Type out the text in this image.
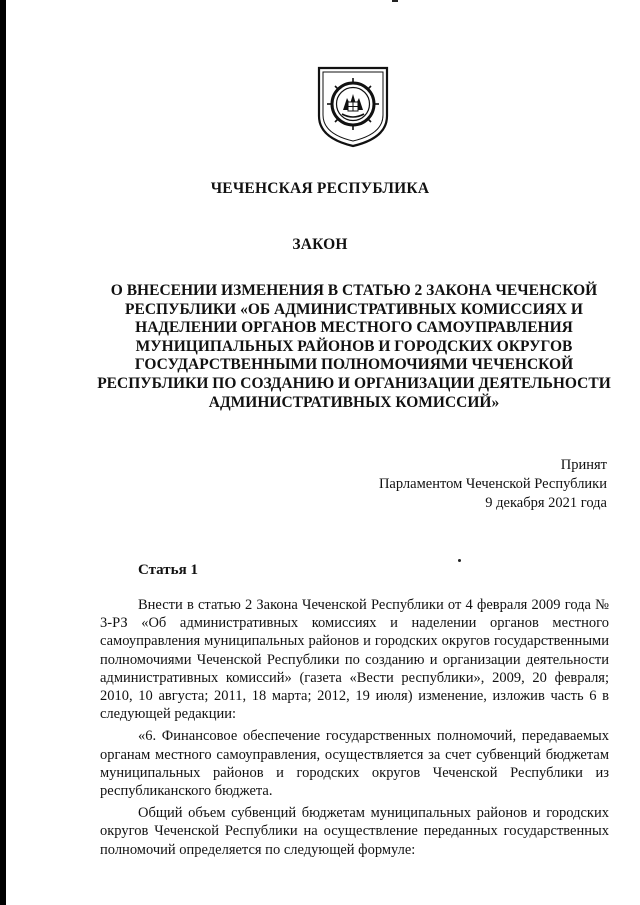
ЧЕЧЕНСКАЯ РЕСПУБЛИКА
ЗАКОН
О ВНЕСЕНИИ ИЗМЕНЕНИЯ В СТАТЬЮ 2 ЗАКОНА ЧЕЧЕНСКОЙ РЕСПУБЛИКИ «ОБ АДМИНИСТРАТИВНЫХ КОМИССИЯХ И НАДЕЛЕНИИ ОРГАНОВ МЕСТНОГО САМОУПРАВЛЕНИЯ МУНИЦИПАЛЬНЫХ РАЙОНОВ И ГОРОДСКИХ ОКРУГОВ ГОСУДАРСТВЕННЫМИ ПОЛНОМОЧИЯМИ ЧЕЧЕНСКОЙ РЕСПУБЛИКИ ПО СОЗДАНИЮ И ОРГАНИЗАЦИИ ДЕЯТЕЛЬНОСТИ АДМИНИСТРАТИВНЫХ КОМИССИЙ»
Принят
Парламентом Чеченской Республики
9 декабря 2021 года
Статья 1

Внести в статью 2 Закона Чеченской Республики от 4 февраля 2009 года № 3-РЗ «Об административных комиссиях и наделении органов местного самоуправления муниципальных районов и городских округов государственными полномочиями Чеченской Республики по созданию и организации деятельности административных комиссий» (газета «Вести республики», 2009, 20 февраля; 2010, 10 августа; 2011, 18 марта; 2012, 19 июля) изменение, изложив часть 6 в следующей редакции:

«6. Финансовое обеспечение государственных полномочий, передаваемых органам местного самоуправления, осуществляется за счет субвенций бюджетам муниципальных районов и городских округов Чеченской Республики из республиканского бюджета.

Общий объем субвенций бюджетам муниципальных районов и городских округов Чеченской Республики на осуществление переданных государственных полномочий определяется по следующей формуле:
